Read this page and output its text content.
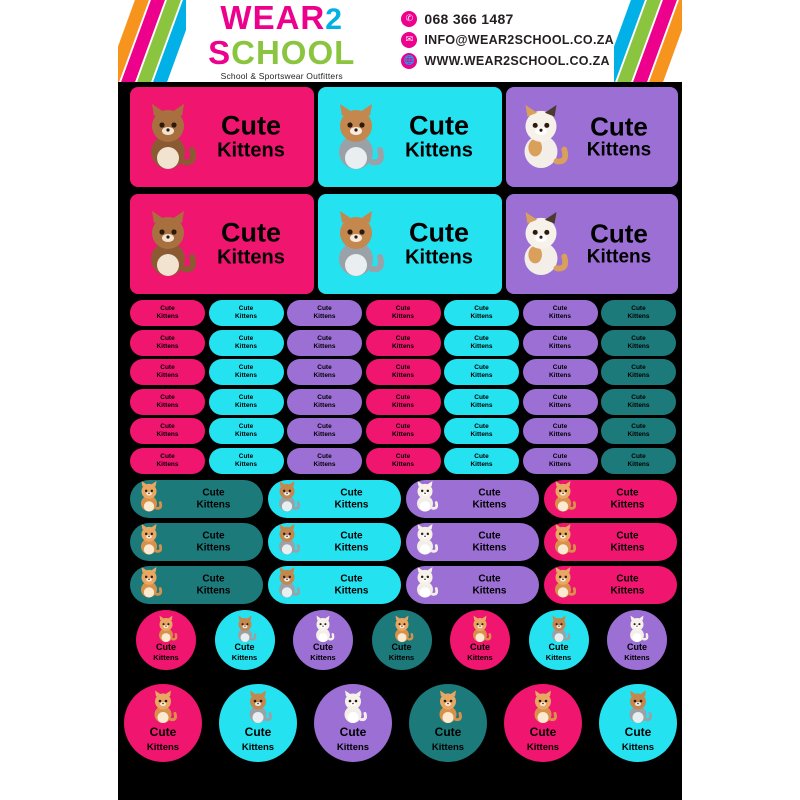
WEAR2
SCHOOL
School & Sportswear Outfitters
✆ 068 366 1487
✉ INFO@WEAR2SCHOOL.CO.ZA
🌐 WWW.WEAR2SCHOOL.CO.ZA
Cute
Kittens
Cute
Kittens
Cute
Kittens
Cute
Kittens
Cute
Kittens
Cute
Kittens
Cute
Kittens
Cute
Kittens
Cute
Kittens
Cute
Kittens
Cute
Kittens
Cute
Kittens
Cute
Kittens
Cute
Kittens
Cute
Kittens
Cute
Kittens
Cute
Kittens
Cute
Kittens
Cute
Kittens
Cute
Kittens
Cute
Kittens
Cute
Kittens
Cute
Kittens
Cute
Kittens
Cute
Kittens
Cute
Kittens
Cute
Kittens
Cute
Kittens
Cute
Kittens
Cute
Kittens
Cute
Kittens
Cute
Kittens
Cute
Kittens
Cute
Kittens
Cute
Kittens
Cute
Kittens
Cute
Kittens
Cute
Kittens
Cute
Kittens
Cute
Kittens
Cute
Kittens
Cute
Kittens
Cute
Kittens
Cute
Kittens
Cute
Kittens
Cute
Kittens
Cute
Kittens
Cute
Kittens
Cute
Kittens
Cute
Kittens
Cute
Kittens
Cute
Kittens
Cute
Kittens
Cute
Kittens
Cute
Kittens
Cute
Kittens
Cute
Kittens
Cute
Kittens
Cute
Kittens
Cute
Kittens
Cute
Kittens
Cute
Kittens
Cute
Kittens
Cute
Kittens
Cute
Kittens
Cute
Kittens
Cute
Kittens
Cute
Kittens
Cute
Kittens
Cute
Kittens
Cute
Kittens
Cute
Kittens
Cute
Kittens
